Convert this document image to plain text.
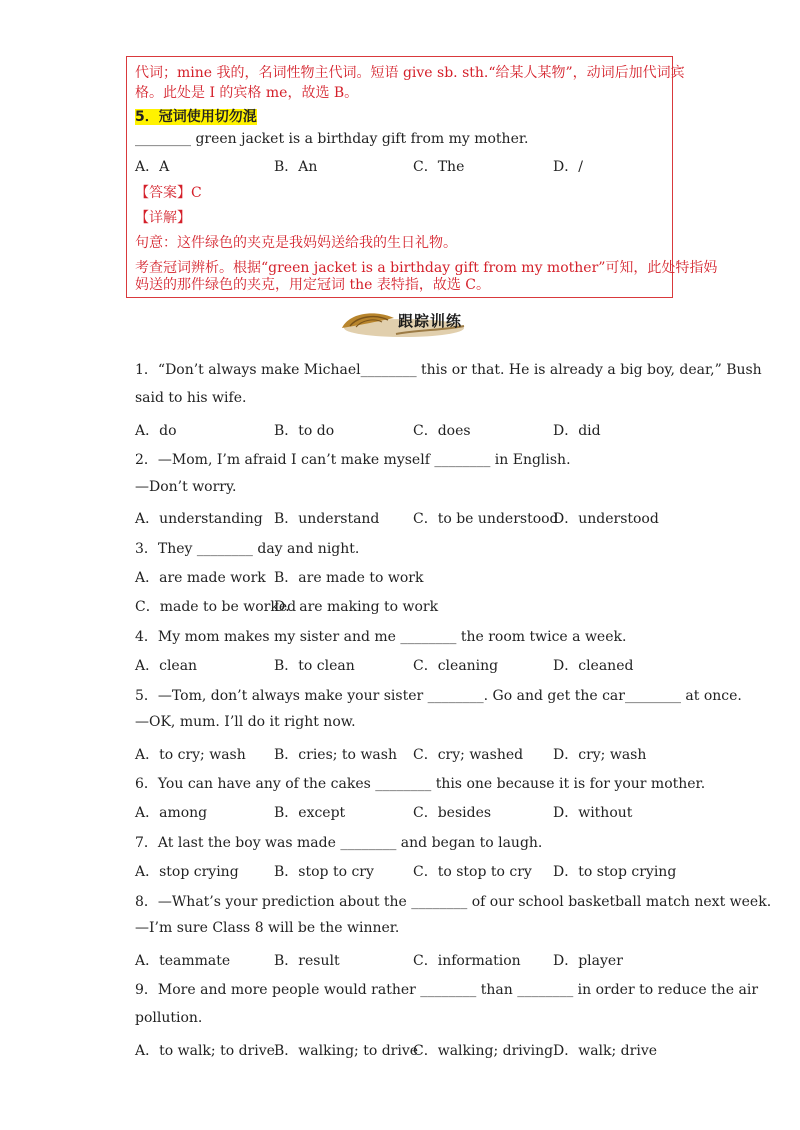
代词；mine 我的，名词性物主代词。短语 give sb. sth.“给某人某物”，动词后加代词宾
格。此处是 I 的宾格 me，故选 B。
5．冠词使用切勿混
________ green jacket is a birthday gift from my mother.
A．A	B．An	C．The	D．/
【答案】C
【详解】
句意：这件绿色的夹克是我妈妈送给我的生日礼物。
考查冠词辨析。根据“green jacket is a birthday gift from my mother”可知，此处特指妈
妈送的那件绿色的夹克，用定冠词 the 表特指，故选 C。
跟踪训练
1．“Don’t always make Michael________ this or that. He is already a big boy, dear,” Bush
said to his wife.
A．do	B．to do	C．does	D．did
2．—Mom, I’m afraid I can’t make myself ________ in English.
—Don’t worry.
A．understanding B．understand C．to be understood
D．understood
3．They ________ day and night.
A．are made work B．are made to work
C．made to be worked
D．are making to work
4．My mom makes my sister and me ________ the room twice a week.
A．clean	B．to clean	C．cleaning	D．cleaned
5．—Tom, don’t always make your sister ________. Go and get the car________ at once.
—OK, mum. I’ll do it right now.
A．to cry; wash B．cries; to wash C．cry; washed D．cry; wash
6．You can have any of the cakes ________ this one because it is for your mother.
A．among	B．except	C．besides	D．without
7．At last the boy was made ________ and began to laugh.
A．stop crying	B．stop to cry	C．to stop to cry D．to stop crying
8．—What’s your prediction about the ________ of our school basketball match next week.
—I’m sure Class 8 will be the winner.
A．teammate	B．result	C．information D．player
9．More and more people would rather ________ than ________ in order to reduce the air
pollution.
A．to walk; to drive B．walking; to drive
C．walking; driving D．walk; drive
